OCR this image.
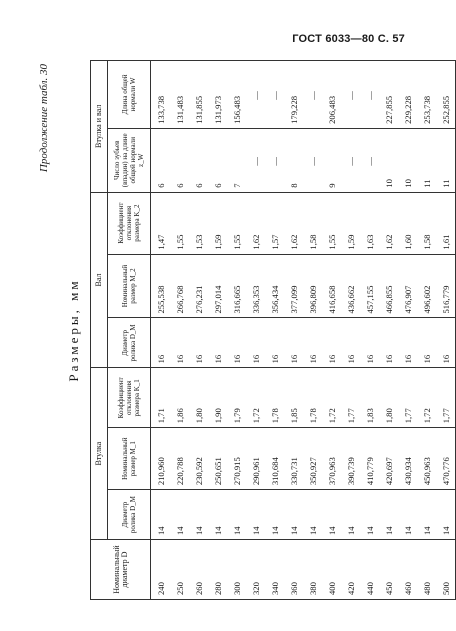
ГОСТ 6033—80 С. 57
Продолжение табл. 30
Размеры, мм
Номинальный диаметр D	Втулка			Вал			Втулка и вал	
	Диаметр ролика D_M	Номинальный размер M_1	Коэффициент отклонения размера K_1	Диаметр ролика D_M	Номинальный размер M_2	Коэффициент отклонения размера K_2	Число зубьев (впадин) на длине общей нормали z_W	Длина общей нормали W
240	14	210,960	1,71	16	255,538	1,47	6	133,738
250	14	220,788	1,86	16	266,768	1,55	6	131,483
260	14	230,592	1,80	16	276,231	1,53	6	131,855
280	14	250,651	1,90	16	297,014	1,59	6	131,973
300	14	270,915	1,79	16	316,665	1,55	7	156,483
320	14	290,961	1,72	16	336,353	1,62	—	—
340	14	310,684	1,78	16	356,434	1,57	—	—
360	14	330,731	1,85	16	377,099	1,62	8	179,228
380	14	350,927	1,78	16	396,809	1,58	—	—
400	14	370,963	1,72	16	416,658	1,55	9	206,483
420	14	390,739	1,77	16	436,662	1,59	—	—
440	14	410,779	1,83	16	457,155	1,63	—	—
450	14	420,697	1,80	16	466,855	1,62	10	227,855
460	14	430,934	1,77	16	476,907	1,60	10	229,228
480	14	450,963	1,72	16	496,602	1,58	11	253,738
500	14	470,776	1,77	16	516,779	1,61	11	252,855
